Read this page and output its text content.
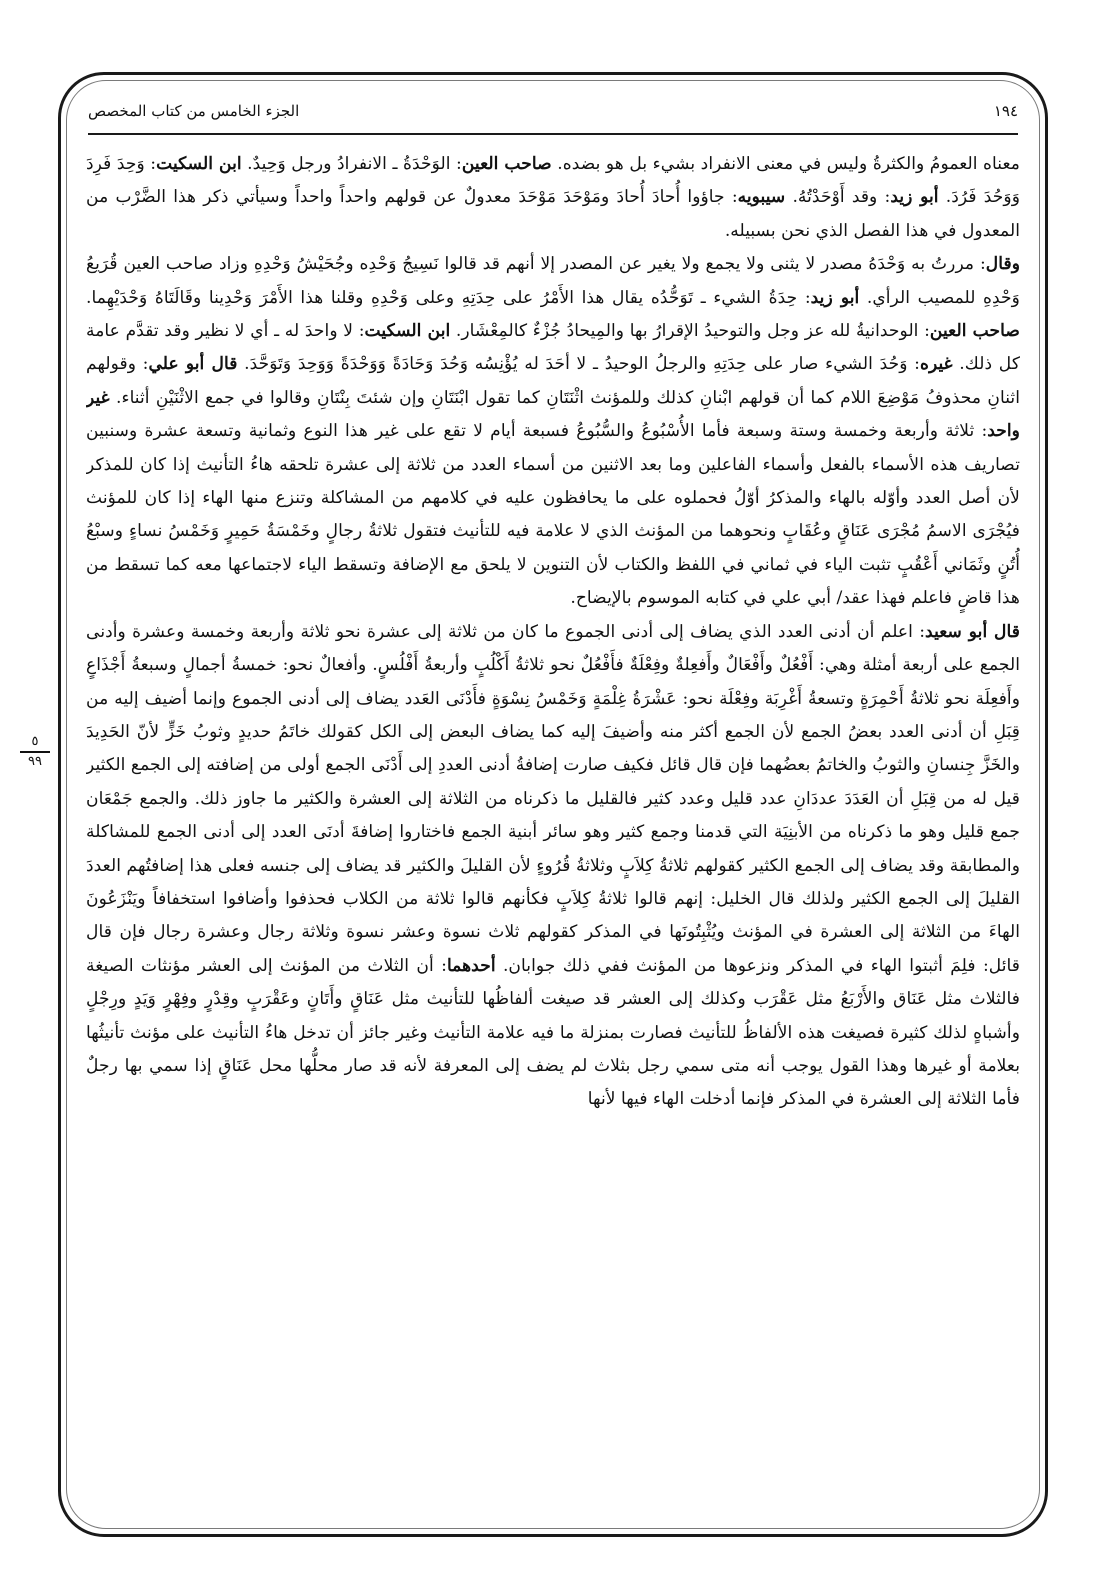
١٩٤
الجزء الخامس من كتاب المخصص
٥
٩٩

معناه العمومُ والكثرةُ وليس في معنى الانفراد بشيء بل هو بضده. صاحب العين: الوَحْدَةُ ـ الانفرادُ ورجل وَحِيدٌ. ابن السكيت: وَحِدَ فَرِدَ وَوَحُدَ فَرُدَ. أبو زيد: وقد أَوْحَدْتُهُ. سيبويه: جاؤوا أُحادَ أُحادَ ومَوْحَدَ مَوْحَدَ معدولٌ عن قولهم واحداً واحداً وسيأتي ذكر هذا الضَّرْب من المعدول في هذا الفصل الذي نحن بسبيله.

وقال: مررتُ به وَحْدَهُ مصدر لا يثنى ولا يجمع ولا يغير عن المصدر إلا أنهم قد قالوا نَسِيجُ وَحْدِه وجُحَيْشُ وَحْدِهِ وزاد صاحب العين قُرَيعُ وَحْدِهِ للمصيب الرأي. أبو زيد: حِدَةُ الشيء ـ تَوَحُّدُه يقال هذا الأَمْرُ على حِدَتِهِ وعلى وَحْدِهِ وقلنا هذا الأَمْرَ وَحْدِينا وقَالَتَاهُ وَحْدَيْهِما. صاحب العين: الوحدانيةُ لله عز وجل والتوحيدُ الإقرارُ بها والمِيحادُ جُزْءٌ كالمِعْشَار. ابن السكيت: لا واحدَ له ـ أي لا نظير وقد تقدَّم عامة كل ذلك. غيره: وَحُدَ الشيء صار على حِدَتِهِ والرجلُ الوحيدُ ـ لا أحَدَ له يُؤْنِسُه وَحُدَ وَحَادَةً وَوَحْدَةً وَوَحِدَ وَتَوَحَّدَ. قال أبو علي: وقولهم اثنانِ محذوفُ مَوْضِعَ اللام كما أن قولهم ابْنانِ كذلك وللمؤنث اثْنَتَانِ كما تقول ابْنَتَانِ وإن شئتَ بِنْتَانِ وقالوا في جمع الاثْنَيْنِ أثناء. غير واحد: ثلاثة وأربعة وخمسة وستة وسبعة فأما الأُسْبُوعُ والسُّبُوعُ فسبعة أيام لا تقع على غير هذا النوع وثمانية وتسعة عشرة وسنبين تصاريف هذه الأسماء بالفعل وأسماء الفاعلين وما بعد الاثنين من أسماء العدد من ثلاثة إلى عشرة تلحقه هاءُ التأنيث إذا كان للمذكر لأن أصل العدد وأوّله بالهاء والمذكرُ أوّلُ فحملوه على ما يحافظون عليه في كلامهم من المشاكلة وتنزع منها الهاء إذا كان للمؤنث فيُجْرَى الاسمُ مُجْرَى عَنَاقٍ وعُقَابٍ ونحوهما من المؤنث الذي لا علامة فيه للتأنيث فتقول ثلاثةُ رجالٍ وخَمْسَةُ حَمِيرٍ وَخَمْسُ نساءٍ وسبْعُ أُتُنٍ وثَمَاني أَعْقُبٍ تثبت الياء في ثماني في اللفظ والكتاب لأن التنوين لا يلحق مع الإضافة وتسقط الياء لاجتماعها معه كما تسقط من هذا قاضٍ فاعلم فهذا عقد/ أبي علي في كتابه الموسوم بالإيضاح.

قال أبو سعيد: اعلم أن أدنى العدد الذي يضاف إلى أدنى الجموع ما كان من ثلاثة إلى عشرة نحو ثلاثة وأربعة وخمسة وعشرة وأدنى الجمع على أربعة أمثلة وهي: أَفْعُلٌ وأَفْعَالٌ وأَفعِلةٌ وفِعْلَةٌ فأَفْعُلٌ نحو ثلاثةُ أَكْلُبٍ وأربعةُ أَفْلُسٍ. وأفعالٌ نحو: خمسةُ أجمالٍ وسبعةُ أَجْذَاعٍ وأَفعِلَة نحو ثلاثةُ أَحْمِرَةٍ وتسعةُ أَغْرِبَة وفِعْلَة نحو: عَشْرَةُ غِلْمَةٍ وَخَمْسُ نِسْوَةٍ فأَدْنَى العَدد يضاف إلى أدنى الجموع وإنما أضيف إليه من قِبَلِ أن أدنى العدد بعضُ الجمع لأن الجمع أكثر منه وأضيفَ إليه كما يضاف البعض إلى الكل كقولك خاتَمُ حديدٍ وثوبُ خَزٍّ لأنّ الحَدِيدَ والخَزَّ جِنسانِ والثوبُ والخاتمُ بعضُهما فإن قال قائل فكيف صارت إضافةُ أدنى العددِ إلى أَدْنَى الجمع أولى من إضافته إلى الجمع الكثير قيل له من قِبَلِ أن العَدَدَ عددَانِ عدد قليل وعدد كثير فالقليل ما ذكرناه من الثلاثة إلى العشرة والكثير ما جاوز ذلك. والجمع جَمْعَان جمع قليل وهو ما ذكرناه من الأبنِيَة التي قدمنا وجمع كثير وهو سائر أبنية الجمع فاختاروا إضافةَ أدنَى العدد إلى أدنى الجمع للمشاكلة والمطابقة وقد يضاف إلى الجمع الكثير كقولهم ثلاثةُ كِلاَبٍ وثلاثةُ قُرُوءٍ لأن القليلَ والكثير قد يضاف إلى جنسه فعلى هذا إضافتُهم العددَ القليلَ إلى الجمع الكثير ولذلك قال الخليل: إنهم قالوا ثلاثةُ كِلاَبٍ فكأنهم قالوا ثلاثة من الكلاب فحذفوا وأضافوا استخفافاً ويَنْزَعُونَ الهاءَ من الثلاثة إلى العشرة في المؤنث ويُثْبِتُونَها في المذكر كقولهم ثلاث نسوة وعشر نسوة وثلاثة رجال وعشرة رجال فإن قال قائل: فلِمَ أثبتوا الهاء في المذكر ونزعوها من المؤنث ففي ذلك جوابان. أحدهما: أن الثلاث من المؤنث إلى العشر مؤنثات الصيغة فالثلاث مثل عَنَاق والأَرْبَعُ مثل عَقْرَب وكذلك إلى العشر قد صيغت ألفاظُها للتأنيث مثل عَنَاقٍ وأَتَانٍ وعَقْرَبٍ وقِدْرٍ وفِهْرٍ وَيَدٍ ورِجْلٍ وأشباهٍ لذلك كثيرة فصيغت هذه الألفاظُ للتأنيث فصارت بمنزلة ما فيه علامة التأنيث وغير جائز أن تدخل هاءُ التأنيث على مؤنث تأنيثُها بعلامة أو غيرها وهذا القول يوجب أنه متى سمي رجل بثلاث لم يضف إلى المعرفة لأنه قد صار محلُّها محل عَنَاقٍ إذا سمي بها رجلٌ فأما الثلاثة إلى العشرة في المذكر فإنما أدخلت الهاء فيها لأنها
